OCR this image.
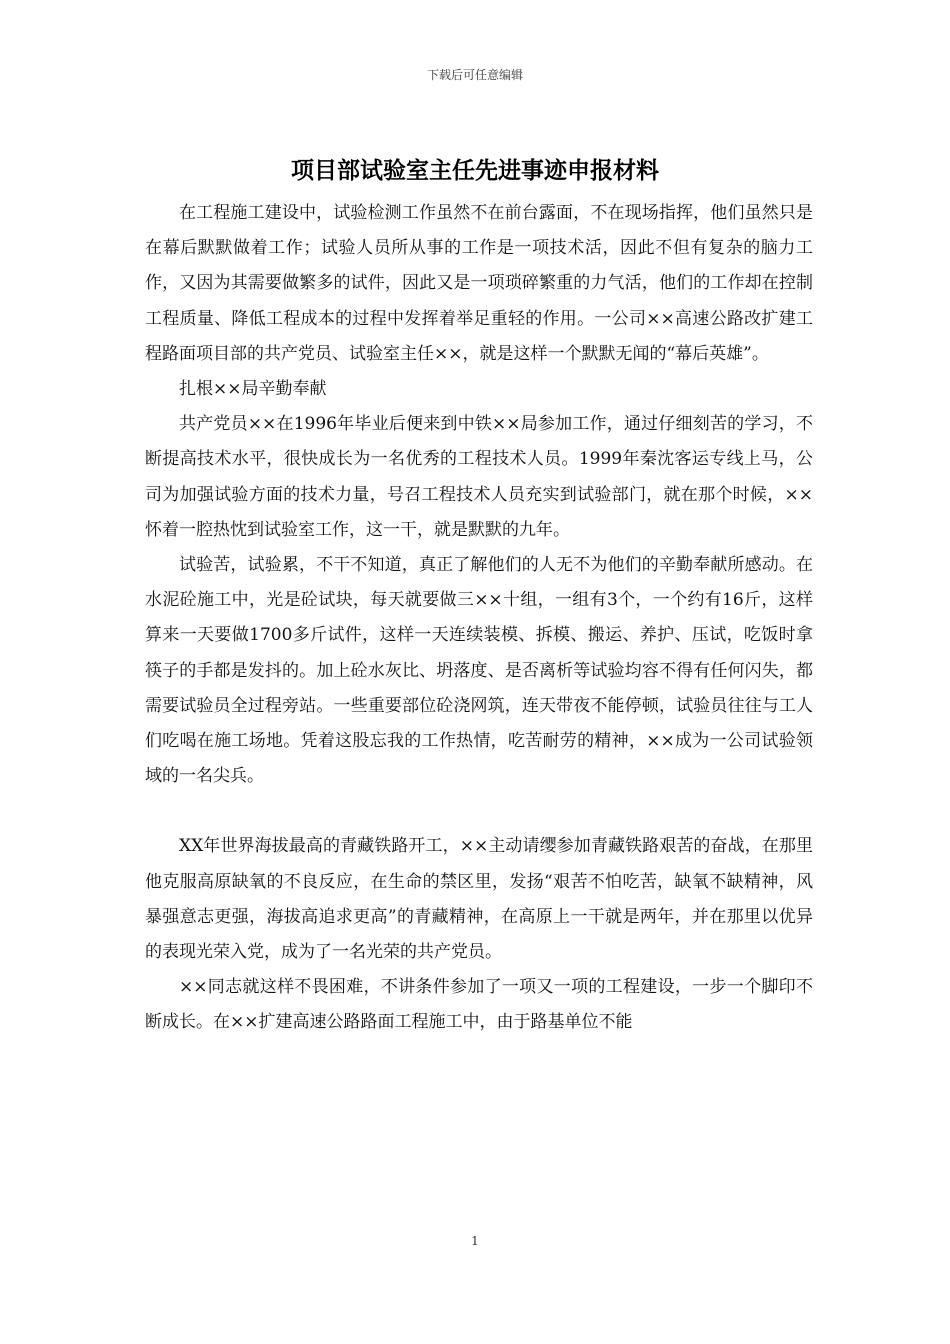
下载后可任意编辑
项目部试验室主任先进事迹申报材料

在工程施工建设中，试验检测工作虽然不在前台露面，不在现场指挥，他们虽然只是在幕后默默做着工作；试验人员所从事的工作是一项技术活，因此不但有复杂的脑力工作，又因为其需要做繁多的试件，因此又是一项琐碎繁重的力气活，他们的工作却在控制工程质量、降低工程成本的过程中发挥着举足重轻的作用。一公司××高速公路改扩建工程路面项目部的共产党员、试验室主任××，就是这样一个默默无闻的“幕后英雄”。

扎根××局辛勤奉献

共产党员××在1996年毕业后便来到中铁××局参加工作，通过仔细刻苦的学习，不断提高技术水平，很快成长为一名优秀的工程技术人员。1999年秦沈客运专线上马，公司为加强试验方面的技术力量，号召工程技术人员充实到试验部门，就在那个时候，××怀着一腔热忱到试验室工作，这一干，就是默默的九年。

试验苦，试验累，不干不知道，真正了解他们的人无不为他们的辛勤奉献所感动。在水泥砼施工中，光是砼试块，每天就要做三××十组，一组有3个，一个约有16斤，这样算来一天要做1700多斤试件，这样一天连续装模、拆模、搬运、养护、压试，吃饭时拿筷子的手都是发抖的。加上砼水灰比、坍落度、是否离析等试验均容不得有任何闪失，都需要试验员全过程旁站。一些重要部位砼浇网筑，连天带夜不能停顿，试验员往往与工人们吃喝在施工场地。凭着这股忘我的工作热情，吃苦耐劳的精神，××成为一公司试验领域的一名尖兵。

XX年世界海拔最高的青藏铁路开工，××主动请缨参加青藏铁路艰苦的奋战，在那里他克服高原缺氧的不良反应，在生命的禁区里，发扬“艰苦不怕吃苦，缺氧不缺精神，风暴强意志更强，海拔高追求更高”的青藏精神，在高原上一干就是两年，并在那里以优异的表现光荣入党，成为了一名光荣的共产党员。

××同志就这样不畏困难，不讲条件参加了一项又一项的工程建设，一步一个脚印不断成长。在××扩建高速公路路面工程施工中，由于路基单位不能

1
